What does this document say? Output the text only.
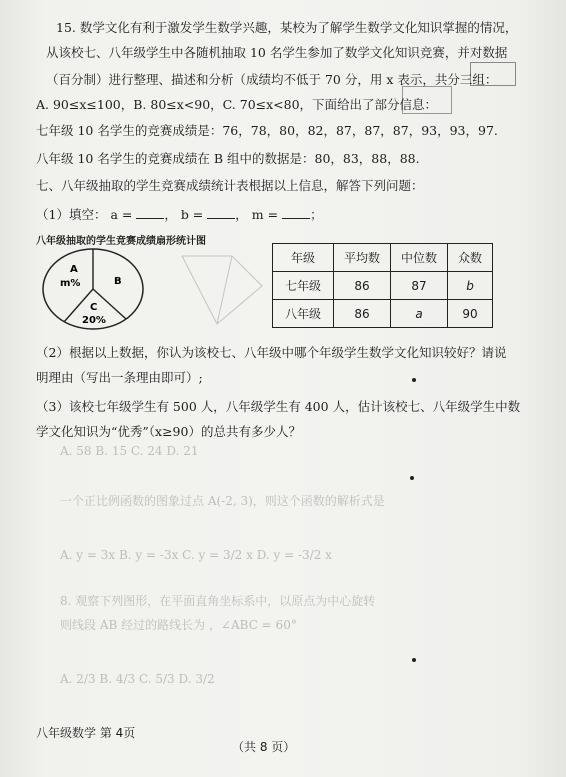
A. 58 B. 15 C. 24 D. 21
一个正比例函数的图象过点 A(-2, 3)，则这个函数的解析式是
A. y = 3x B. y = -3x C. y = 3/2 x D. y = -3/2 x
8. 观察下列图形，在平面直角坐标系中，以原点为中心旋转
则线段 AB 经过的路线长为 ，∠ABC = 60°
A. 2/3 B. 4/3 C. 5/3 D. 3/2
15. 数学文化有利于激发学生数学兴趣，某校为了解学生数学文化知识掌握的情况，
从该校七、八年级学生中各随机抽取 10 名学生参加了数学文化知识竞赛，并对数据
（百分制）进行整理、描述和分析（成绩均不低于 70 分，用 x 表示，共分三组：
A. 90≤x≤100，B. 80≤x<90，C. 70≤x<80，下面给出了部分信息：
七年级 10 名学生的竞赛成绩是：76，78，80，82，87，87，87，93，93，97.
八年级 10 名学生的竞赛成绩在 B 组中的数据是：80，83，88，88.
七、八年级抽取的学生竞赛成绩统计表根据以上信息，解答下列问题：
（1）填空： a =	， b =	， m =	；
八年级抽取的学生竞赛成绩扇形统计图
A
m%	B
C
20%
年级	平均数	中位数	众数
七年级	86	87	b
八年级	86	a	90
（2）根据以上数据，你认为该校七、八年级中哪个年级学生数学文化知识较好？请说
明理由（写出一条理由即可）;
（3）该校七年级学生有 500 人，八年级学生有 400 人，估计该校七、八年级学生中数
学文化知识为“优秀”（x≥90）的总共有多少人？
八年级数学 第 4页
（共 8 页）
